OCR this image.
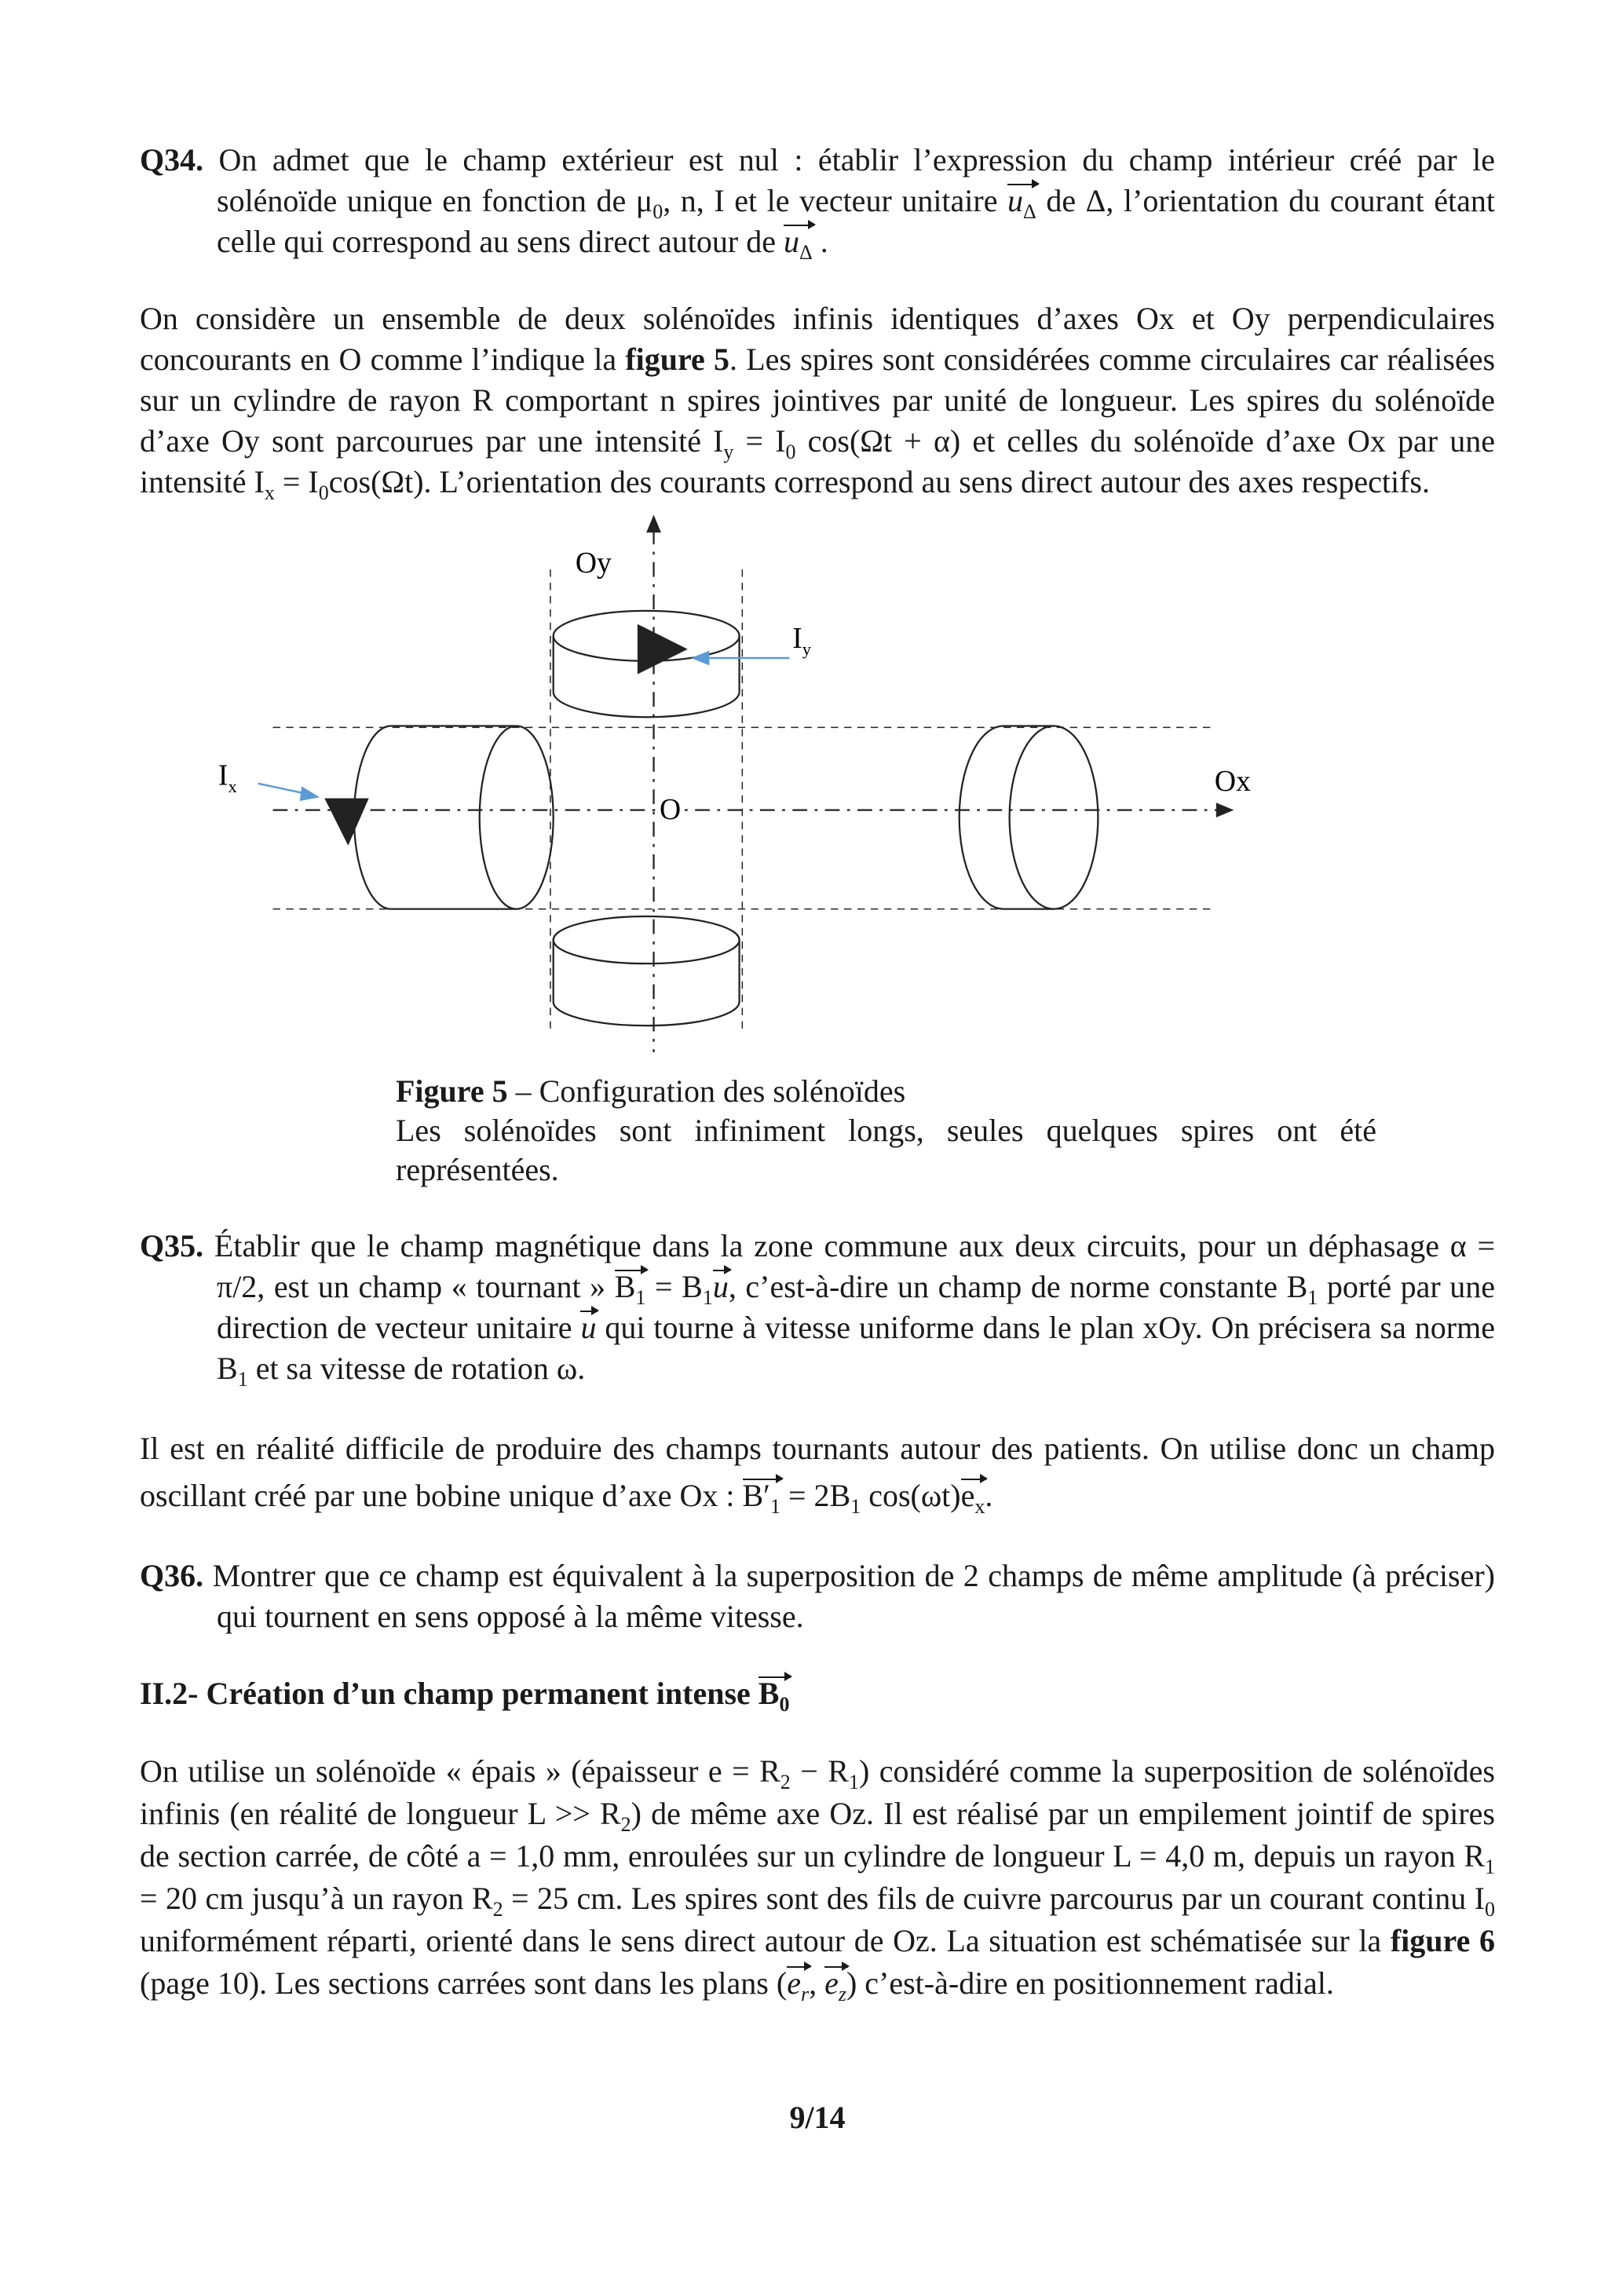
Q34. On admet que le champ extérieur est nul : établir l’expression du champ intérieur créé par le solénoïde unique en fonction de $\mu_0$, n, I et le vecteur unitaire $u_\Delta$ de Δ, l’orientation du courant étant celle qui correspond au sens direct autour de $u_\Delta$ .
On considère un ensemble de deux solénoïdes infinis identiques d’axes Ox et Oy perpendiculaires concourants en O comme l’indique la figure 5. Les spires sont considérées comme circulaires car réalisées sur un cylindre de rayon R comportant n spires jointives par unité de longueur. Les spires du solénoïde d’axe Oy sont parcourues par une intensité $I_y = I_0$ cos(Ωt + α) et celles du solénoïde d’axe Ox par une intensité $I_x = I_0\cos(\Omega t)$. L’orientation des courants correspond au sens direct autour des axes respectifs.
Oy
Ox
O
$I_y$
$I_x$
Figure 5 – Configuration des solénoïdes
Les solénoïdes sont infiniment longs, seules quelques spires ont été représentées.
Q35. Établir que le champ magnétique dans la zone commune aux deux circuits, pour un déphasage α = π/2, est un champ « tournant » $B_1 = B_1u$, c’est-à-dire un champ de norme constante $B_1$ porté par une direction de vecteur unitaire u qui tourne à vitesse uniforme dans le plan xOy. On précisera sa norme $B_1$ et sa vitesse de rotation ω.
Il est en réalité difficile de produire des champs tournants autour des patients. On utilise donc un champ oscillant créé par une bobine unique d’axe Ox : $B'_1 = 2B_1$ $\cos(\omega t)e_x$.
Q36. Montrer que ce champ est équivalent à la superposition de 2 champs de même amplitude (à préciser) qui tournent en sens opposé à la même vitesse.
II.2- Création d’un champ permanent intense $B_0$
On utilise un solénoïde « épais » (épaisseur $e = R_2 - R_1$) considéré comme la superposition de solénoïdes infinis (en réalité de longueur $L >> R_2$) de même axe Oz. Il est réalisé par un empilement jointif de spires de section carrée, de côté a = 1,0 mm, enroulées sur un cylindre de longueur L = 4,0 m, depuis un rayon $R_1 = 20$ cm jusqu’à un rayon $R_2 = 25$ cm. Les spires sont des fils de cuivre parcourus par un courant continu $I_0$ uniformément réparti, orienté dans le sens direct autour de Oz. La situation est schématisée sur la figure 6 (page 10). Les sections carrées sont dans les plans ($e_r$, $e_z$) c’est-à-dire en positionnement radial.
9/14
